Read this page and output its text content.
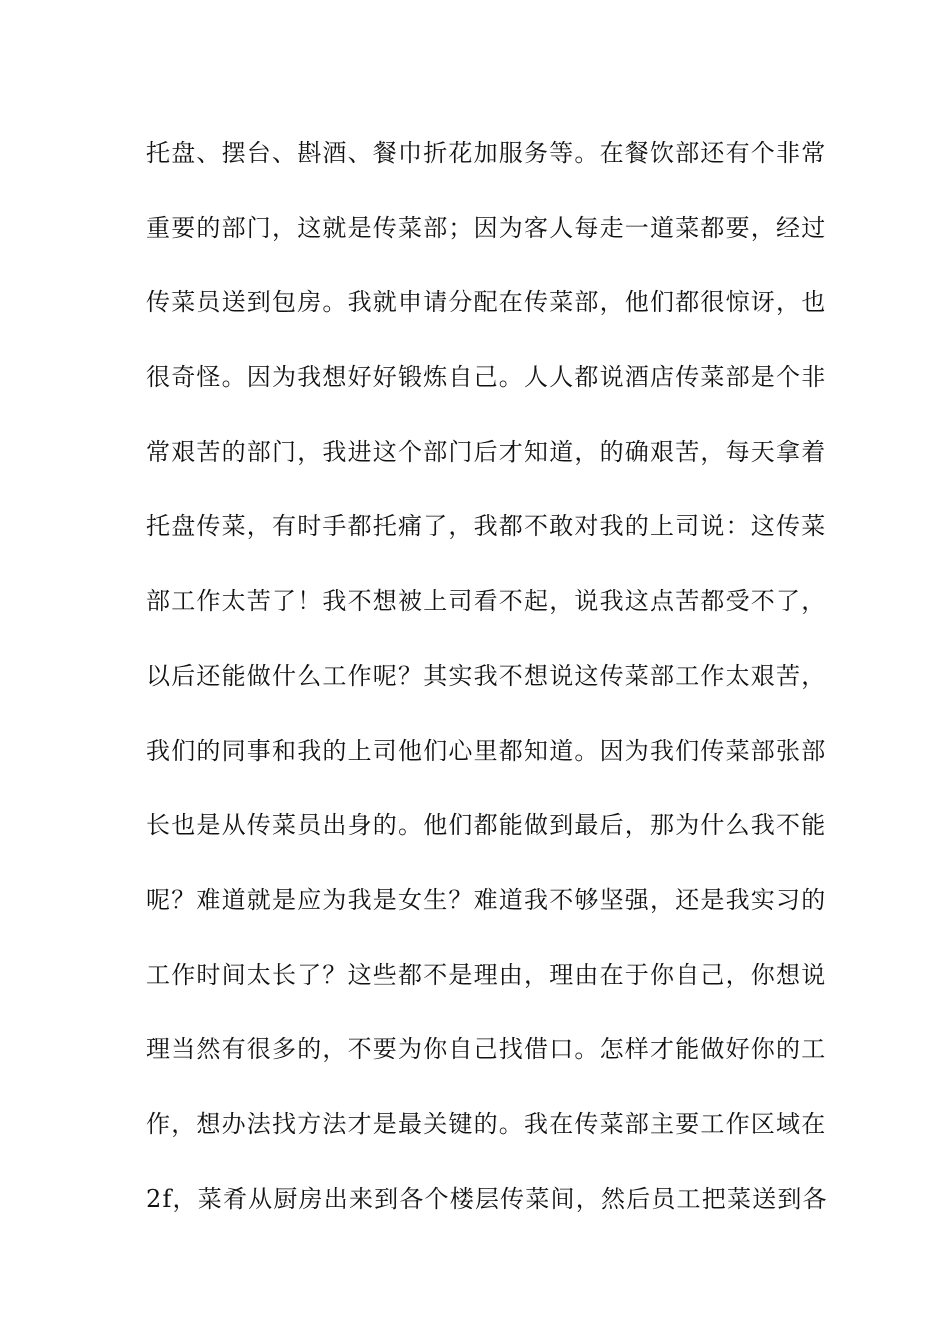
托盘、摆台、斟酒、餐巾折花加服务等。在餐饮部还有个非常
重要的部门，这就是传菜部；因为客人每走一道菜都要，经过
传菜员送到包房。我就申请分配在传菜部，他们都很惊讶，也
很奇怪。因为我想好好锻炼自己。人人都说酒店传菜部是个非
常艰苦的部门，我进这个部门后才知道，的确艰苦，每天拿着
托盘传菜，有时手都托痛了，我都不敢对我的上司说：这传菜
部工作太苦了！我不想被上司看不起，说我这点苦都受不了，
以后还能做什么工作呢？其实我不想说这传菜部工作太艰苦，
我们的同事和我的上司他们心里都知道。因为我们传菜部张部
长也是从传菜员出身的。他们都能做到最后，那为什么我不能
呢？难道就是应为我是女生？难道我不够坚强，还是我实习的
工作时间太长了？这些都不是理由，理由在于你自己，你想说
理当然有很多的，不要为你自己找借口。怎样才能做好你的工
作，想办法找方法才是最关键的。我在传菜部主要工作区域在
2f，菜肴从厨房出来到各个楼层传菜间，然后员工把菜送到各
